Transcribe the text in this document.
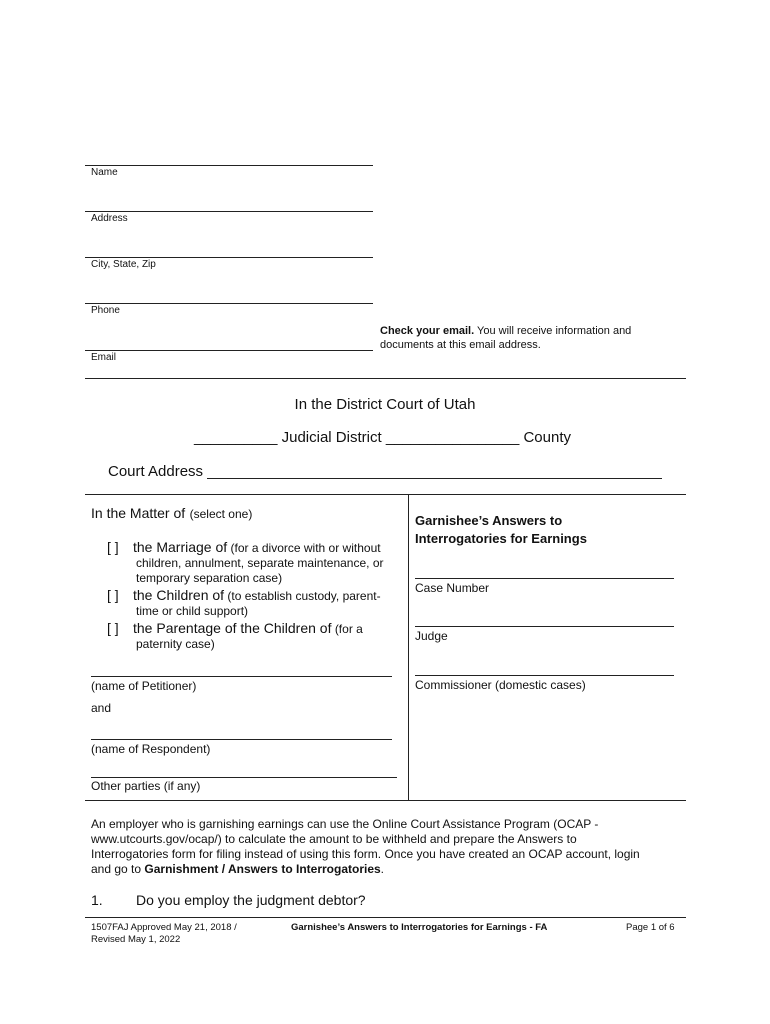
Name
Address
City, State, Zip
Phone
Email
Check your email. You will receive information and
documents at this email address.
In the District Court of Utah
__________ Judicial District ________________ County
Court Address
In the Matter of (select one)
[ ] the Marriage of (for a divorce with or without
children, annulment, separate maintenance, or
temporary separation case)
[ ] the Children of (to establish custody, parent-
time or child support)
[ ] the Parentage of the Children of (for a
paternity case)
(name of Petitioner)
and
(name of Respondent)
Other parties (if any)
Garnishee’s Answers to
Interrogatories for Earnings
Case Number
Judge
Commissioner (domestic cases)
An employer who is garnishing earnings can use the Online Court Assistance Program (OCAP -
www.utcourts.gov/ocap/) to calculate the amount to be withheld and prepare the Answers to
Interrogatories form for filing instead of using this form. Once you have created an OCAP account, login
and go to Garnishment / Answers to Interrogatories.
1. Do you employ the judgment debtor?
1507FAJ Approved May 21, 2018 /
Revised May 1, 2022
Garnishee’s Answers to Interrogatories for Earnings - FA	Page 1 of 6
